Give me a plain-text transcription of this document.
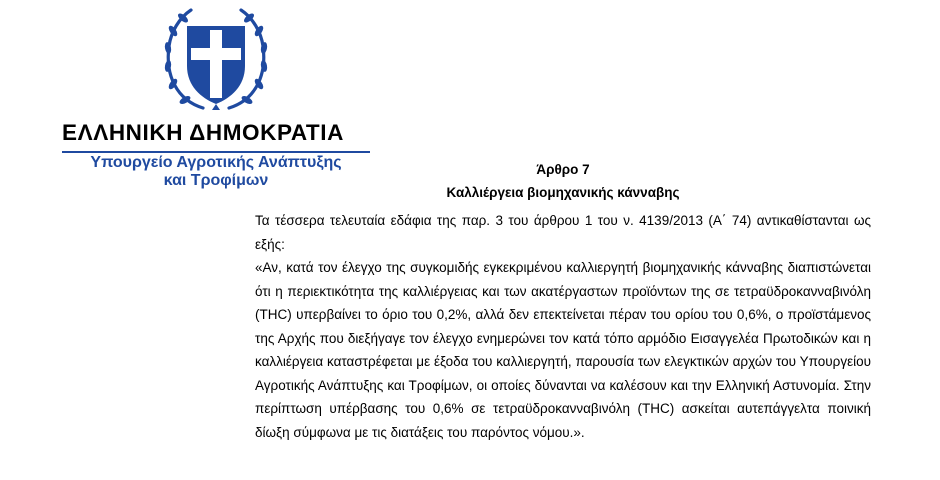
ΕΛΛΗΝΙΚΗ ΔΗΜΟΚΡΑΤΙΑ
Υπουργείο Αγροτικής Ανάπτυξης
και Τροφίμων
Άρθρο 7
Καλλιέργεια βιομηχανικής κάνναβης

Τα τέσσερα τελευταία εδάφια της παρ. 3 του άρθρου 1 του ν. 4139/2013 (Α΄ 74) αντικαθίστανται ως εξής:

«Αν, κατά τον έλεγχο της συγκομιδής εγκεκριμένου καλλιεργητή βιομηχανικής κάνναβης διαπιστώνεται ότι η περιεκτικότητα της καλλιέργειας και των ακατέργαστων προϊόντων της σε τετραϋδροκανναβινόλη (THC) υπερβαίνει το όριο του 0,2%, αλλά δεν επεκτείνεται πέραν του ορίου του 0,6%, ο προϊστάμενος της Αρχής που διεξήγαγε τον έλεγχο ενημερώνει τον κατά τόπο αρμόδιο Εισαγγελέα Πρωτοδικών και η καλλιέργεια καταστρέφεται με έξοδα του καλλιεργητή, παρουσία των ελεγκτικών αρχών του Υπουργείου Αγροτικής Ανάπτυξης και Τροφίμων, οι οποίες δύνανται να καλέσουν και την Ελληνική Αστυνομία. Στην περίπτωση υπέρβασης του 0,6% σε τετραϋδροκανναβινόλη (THC) ασκείται αυτεπάγγελτα ποινική δίωξη σύμφωνα με τις διατάξεις του παρόντος νόμου.».
